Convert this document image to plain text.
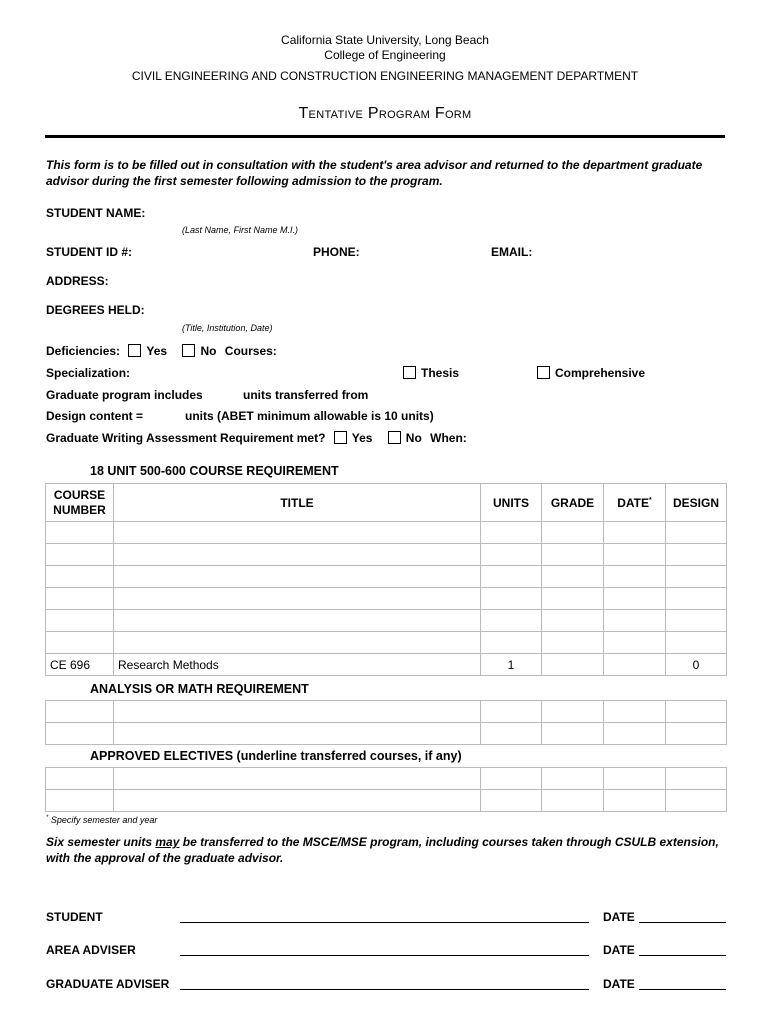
California State University, Long Beach
College of Engineering
CIVIL ENGINEERING AND CONSTRUCTION ENGINEERING MANAGEMENT DEPARTMENT
Tentative Program Form
This form is to be filled out in consultation with the student's area advisor and returned to the department graduate advisor during the first semester following admission to the program.
STUDENT NAME:
(Last Name, First Name M.I.)
STUDENT ID #:	PHONE:	EMAIL:
ADDRESS:
DEGREES HELD:
(Title, Institution, Date)
Deficiencies: Yes	No Courses:
Specialization:	Thesis	Comprehensive
Graduate program includes	units transferred from
Design content =	units (ABET minimum allowable is 10 units)
Graduate Writing Assessment Requirement met? Yes	No When:
18 UNIT 500-600 COURSE REQUIREMENT
COURSE
NUMBER	TITLE	UNITS	GRADE	DATE*	DESIGN

CE 696	Research Methods	1			0
ANALYSIS OR MATH REQUIREMENT

APPROVED ELECTIVES (underline transferred courses, if any)

* Specify semester and year
Six semester units may be transferred to the MSCE/MSE program, including courses taken through CSULB extension, with the approval of the graduate advisor.
STUDENT	DATE
AREA ADVISER	DATE
GRADUATE ADVISER	DATE
